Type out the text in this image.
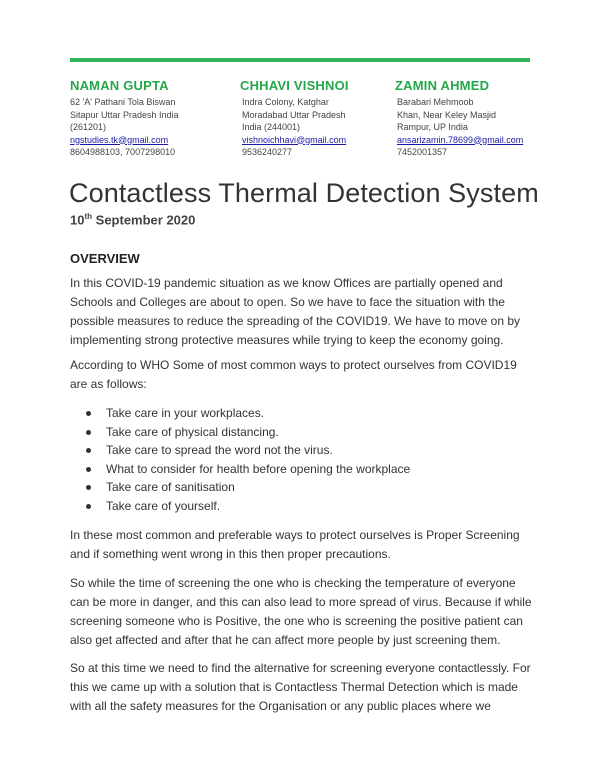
NAMAN GUPTA
62 'A' Pathani Tola Biswan
Sitapur Uttar Pradesh India
(261201)
ngstudies.tk@gmail.com
8604988103, 7007298010
CHHAVI VISHNOI
Indra Colony, Katghar
Moradabad Uttar Pradesh
India (244001)
vishnoichhavi@gmail.com
9536240277
ZAMIN AHMED
Barabari Mehmoob
Khan, Near Keley Masjid
Rampur, UP India
ansarizamin.78699@gmail.com
7452001357
Contactless Thermal Detection System
10th September 2020
OVERVIEW

In this COVID-19 pandemic situation as we know Offices are partially opened and Schools and Colleges are about to open. So we have to face the situation with the possible measures to reduce the spreading of the COVID19. We have to move on by implementing strong protective measures while trying to keep the economy going.

According to WHO Some of most common ways to protect ourselves from COVID19 are as follows:

Take care in your workplaces.
Take care of physical distancing.
Take care to spread the word not the virus.
What to consider for health before opening the workplace
Take care of sanitisation
Take care of yourself.

In these most common and preferable ways to protect ourselves is Proper Screening and if something went wrong in this then proper precautions.

So while the time of screening the one who is checking the temperature of everyone can be more in danger, and this can also lead to more spread of virus. Because if while screening someone who is Positive, the one who is screening the positive patient can also get affected and after that he can affect more people by just screening them.

So at this time we need to find the alternative for screening everyone contactlessly. For this we came up with a solution that is Contactless Thermal Detection which is made with all the safety measures for the Organisation or any public places where we
